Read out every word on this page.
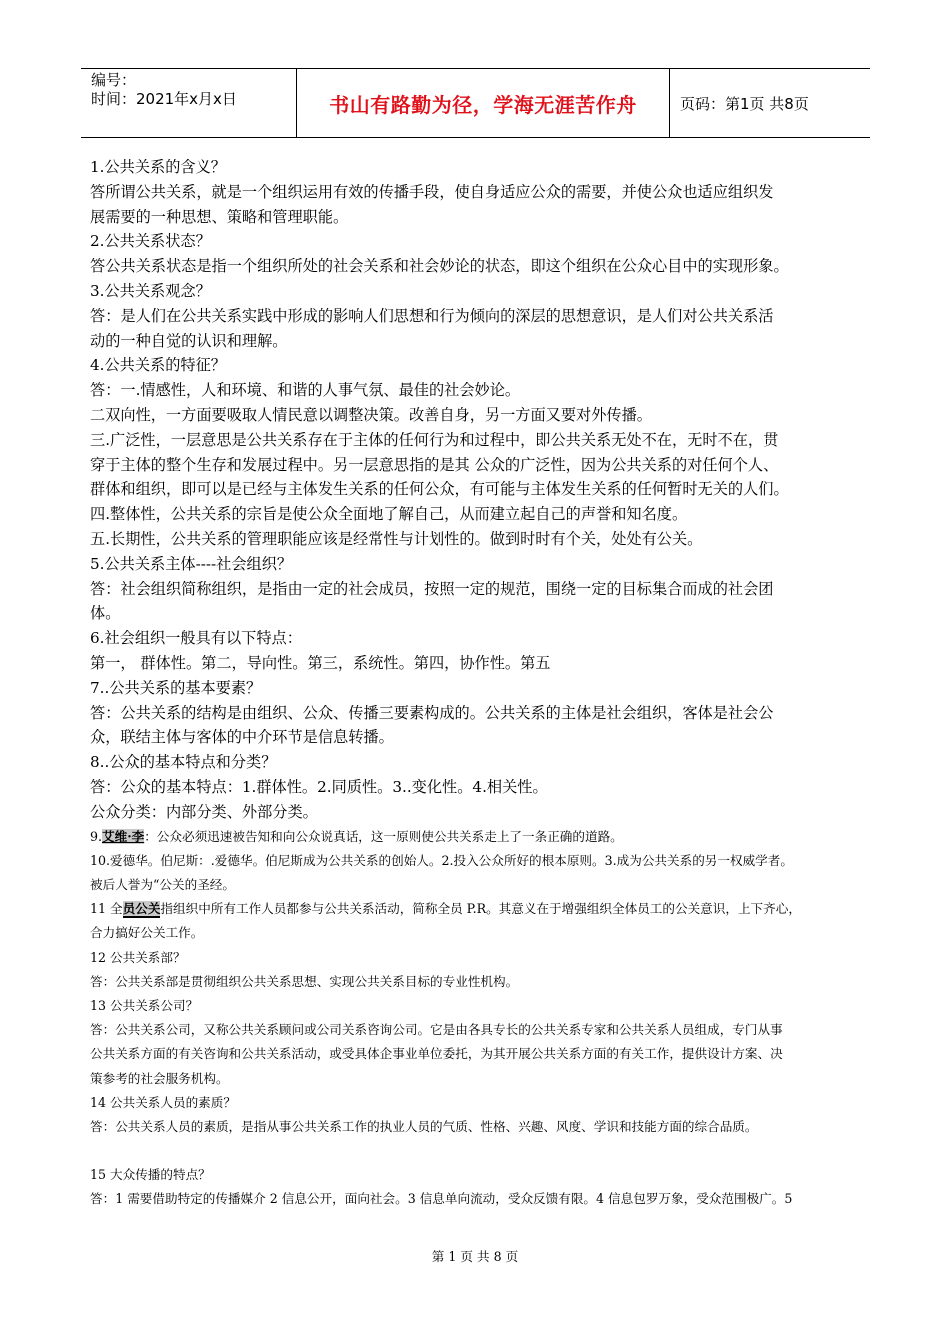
编号：
时间：2021年x月x日	书山有路勤为径，学海无涯苦作舟	页码：第1页 共8页

1.公共关系的含义？

答所谓公共关系，就是一个组织运用有效的传播手段，使自身适应公众的需要，并使公众也适应组织发

展需要的一种思想、策略和管理职能。

2.公共关系状态？

答公共关系状态是指一个组织所处的社会关系和社会妙论的状态，即这个组织在公众心目中的实现形象。

3.公共关系观念？

答：是人们在公共关系实践中形成的影响人们思想和行为倾向的深层的思想意识，是人们对公共关系活

动的一种自觉的认识和理解。

4.公共关系的特征？

答：一.情感性，人和环境、和谐的人事气氛、最佳的社会妙论。

二双向性，一方面要吸取人情民意以调整决策。改善自身，另一方面又要对外传播。

三.广泛性，一层意思是公共关系存在于主体的任何行为和过程中，即公共关系无处不在，无时不在，贯

穿于主体的整个生存和发展过程中。另一层意思指的是其 公众的广泛性，因为公共关系的对任何个人、

群体和组织，即可以是已经与主体发生关系的任何公众，有可能与主体发生关系的任何暂时无关的人们。

四.整体性，公共关系的宗旨是使公众全面地了解自己，从而建立起自己的声誉和知名度。

五.长期性，公共关系的管理职能应该是经常性与计划性的。做到时时有个关，处处有公关。

5.公共关系主体----社会组织？

答：社会组织简称组织，是指由一定的社会成员，按照一定的规范，围绕一定的目标集合而成的社会团

体。

6.社会组织一般具有以下特点：

第一， 群体性。第二，导向性。第三，系统性。第四，协作性。第五

7..公共关系的基本要素？

答：公共关系的结构是由组织、公众、传播三要素构成的。公共关系的主体是社会组织，客体是社会公

众，联结主体与客体的中介环节是信息转播。

8..公众的基本特点和分类？

答：公众的基本特点：1.群体性。2.同质性。3..变化性。4.相关性。

公众分类：内部分类、外部分类。

9.艾维·李：公众必须迅速被告知和向公众说真话，这一原则使公共关系走上了一条正确的道路。

10.爱德华。伯尼斯：.爱德华。伯尼斯成为公共关系的创始人。2.投入公众所好的根本原则。3.成为公共关系的另一权威学者。

被后人誉为“公关的圣经。

11 全员公关指组织中所有工作人员都参与公共关系活动，简称全员 P.R。其意义在于增强组织全体员工的公关意识，上下齐心，

合力搞好公关工作。

12 公共关系部？

答：公共关系部是贯彻组织公共关系思想、实现公共关系目标的专业性机构。

13 公共关系公司？

答：公共关系公司，又称公共关系顾问或公司关系咨询公司。它是由各具专长的公共关系专家和公共关系人员组成，专门从事

公共关系方面的有关咨询和公共关系活动，或受具体企事业单位委托，为其开展公共关系方面的有关工作，提供设计方案、决

策参考的社会服务机构。

14 公共关系人员的素质？

答：公共关系人员的素质，是指从事公共关系工作的执业人员的气质、性格、兴趣、风度、学识和技能方面的综合品质。

15 大众传播的特点？

答：1 需要借助特定的传播媒介 2 信息公开，面向社会。3 信息单向流动，受众反馈有限。4 信息包罗万象，受众范围极广。5

第 1 页 共 8 页
